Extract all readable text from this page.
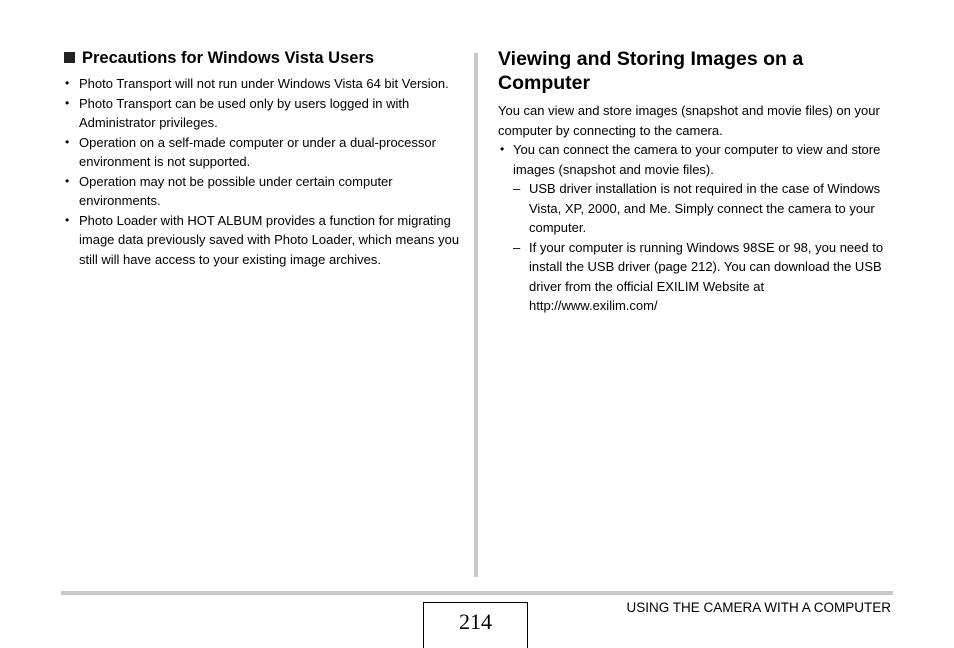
Precautions for Windows Vista Users
• Photo Transport will not run under Windows Vista 64 bit Version.
• Photo Transport can be used only by users logged in with Administrator privileges.
• Operation on a self-made computer or under a dual-processor environment is not supported.
• Operation may not be possible under certain computer environments.
• Photo Loader with HOT ALBUM provides a function for migrating image data previously saved with Photo Loader, which means you still will have access to your existing image archives.
Viewing and Storing Images on a Computer

You can view and store images (snapshot and movie files) on your computer by connecting to the camera.

• You can connect the camera to your computer to view and store images (snapshot and movie files).
– USB driver installation is not required in the case of Windows Vista, XP, 2000, and Me. Simply connect the camera to your computer.
– If your computer is running Windows 98SE or 98, you need to install the USB driver (page 212). You can download the USB driver from the official EXILIM Website at http://www.exilim.com/
214
USING THE CAMERA WITH A COMPUTER
